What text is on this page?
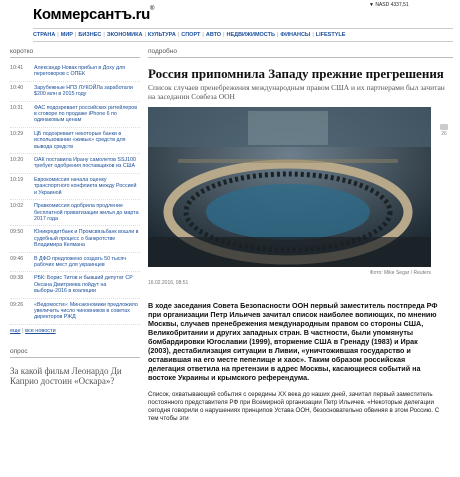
Коммерсантъ.ru®
▼ NASD 4337,51
СТРАНА | МИР | БИЗНЕС | ЭКОНОМИКА | КУЛЬТУРА | СПОРТ | АВТО | НЕДВИЖИМОСТЬ | ФИНАНСЫ | LIFESTYLE
коротко
10:41	Александр Новак прибыл в Доху для переговоров с ОПЕК
10:40	Зарубежные НПЗ ЛУКОЙЛа заработали $200 млн в 2015 году
10:31	ФАС подозревает российских ритейлеров в сговоре по продаже iPhone 6 по одинаковым ценам
10:29	ЦБ подозревает некоторые банки в использовании «живых» средств для вывода средств
10:20	ОАК поставила Ирану самолетов SSJ100 требует одобрения поставщиков из США
10:19	Еврокомиссия начала оценку транспортного конфликта между Россией и Украиной
10:02	Правкомиссия одобрила продление бесплатной приватизации жилья до марта 2017 года
09:50	Юникредитбанк и Промсвязьбанк вошли в судебный процесс о банкротстве Владимира Келмана
09:46	В ДФО предложено создать 50 тысяч рабочих мест для украинцев
09:38	РБК: Борис Титов и бывший депутат СР Оксана Дмитриева пойдут на выборы-2016 в коалиции
09:26	«Ведомости»: Минэкономики предложило увеличить число чиновников в советах директоров РЖД
еще | все новости
опрос
За какой фильм Леонардо Ди Каприо достоин «Оскара»?
подробно
Россия припомнила Западу прежние прегрешения
Список случаев пренебрежения международным правом США и их партнерами был зачитан на заседании Совбеза ООН
Фото: Mike Segar / Reuters
26
16.02.2016, 08:51
В ходе заседания Совета Безопасности ООН первый заместитель постпреда РФ при организации Петр Ильичев зачитал список наиболее вопиющих, по мнению Москвы, случаев пренебрежения международным правом со стороны США, Великобритании и других западных стран. В частности, были упомянуты бомбардировки Югославии (1999), вторжение США в Гренаду (1983) и Ирак (2003), дестабилизация ситуации в Ливии, «уничтожившая государство и оставившая на его месте пепелище и хаос». Таким образом российская делегация ответила на претензии в адрес Москвы, касающиеся событий на востоке Украины и крымского референдума.
Список, охватывающий события с середины XX века до наших дней, зачитал первый заместитель постоянного представителя РФ при Всемирной организации Петр Ильичев. «Некоторые делегации сегодня говорили о нарушениях принципов Устава ООН, безосновательно обвиняя в этом Россию. С тем чтобы эти
